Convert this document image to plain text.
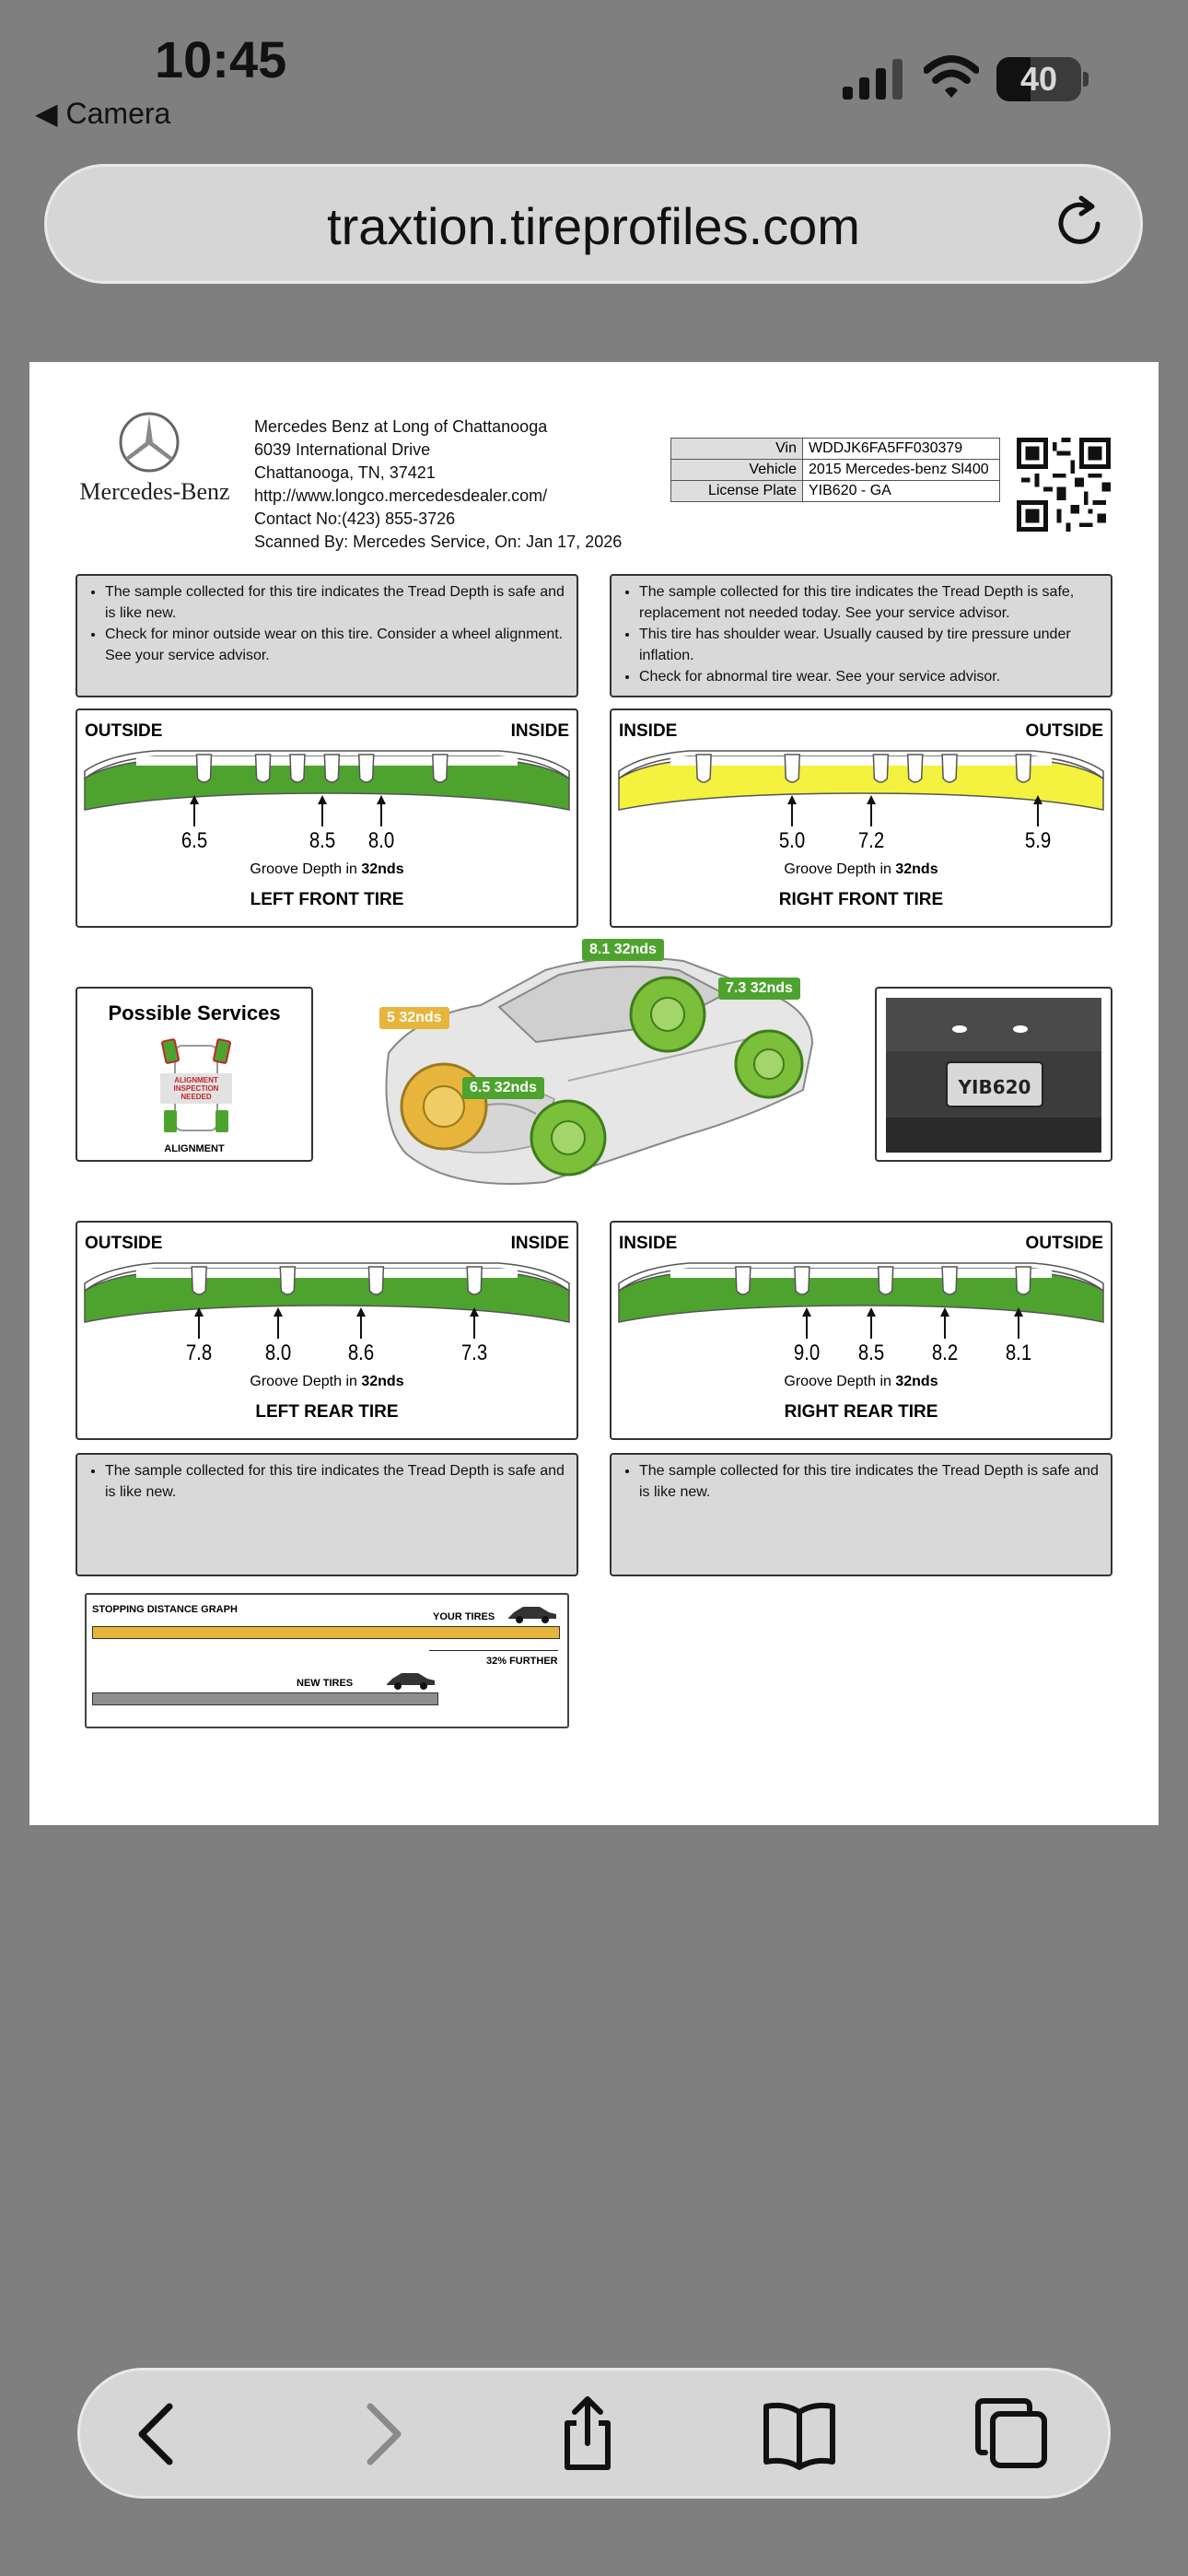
10:45
◀ Camera
40
traxtion.tireprofiles.com
Mercedes-Benz
Mercedes Benz at Long of Chattanooga
6039 International Drive
Chattanooga, TN, 37421
http://www.longco.mercedesdealer.com/
Contact No:(423) 855-3726
Scanned By: Mercedes Service, On: Jan 17, 2026
Vin	WDDJK6FA5FF030379
Vehicle	2015 Mercedes-benz Sl400
License Plate	YIB620 - GA
• The sample collected for this tire indicates the Tread Depth is safe and is like new.
• Check for minor outside wear on this tire. Consider a wheel alignment. See your service advisor.
• The sample collected for this tire indicates the Tread Depth is safe, replacement not needed today. See your service advisor.
• This tire has shoulder wear. Usually caused by tire pressure under inflation.
• Check for abnormal tire wear. See your service advisor.
OUTSIDE	INSIDE
Groove Depth in 32nds
LEFT FRONT TIRE
6.5	8.5 8.0
INSIDE	OUTSIDE
Groove Depth in 32nds
RIGHT FRONT TIRE
5.0 7.2	5.9
OUTSIDE	INSIDE
Groove Depth in 32nds
LEFT REAR TIRE
7.8 8.0	8.6	7.3
INSIDE	OUTSIDE
Groove Depth in 32nds
RIGHT REAR TIRE
9.0 8.5 8.2 8.1
Possible Services
ALIGNMENT INSPECTION NEEDED
ALIGNMENT
8.1 32nds
7.3 32nds
5 32nds
6.5 32nds	YIB620
• The sample collected for this tire indicates the Tread Depth is safe and is like new.
• The sample collected for this tire indicates the Tread Depth is safe and is like new.
STOPPING DISTANCE GRAPH
YOUR TIRES
32% FURTHER
NEW TIRES
